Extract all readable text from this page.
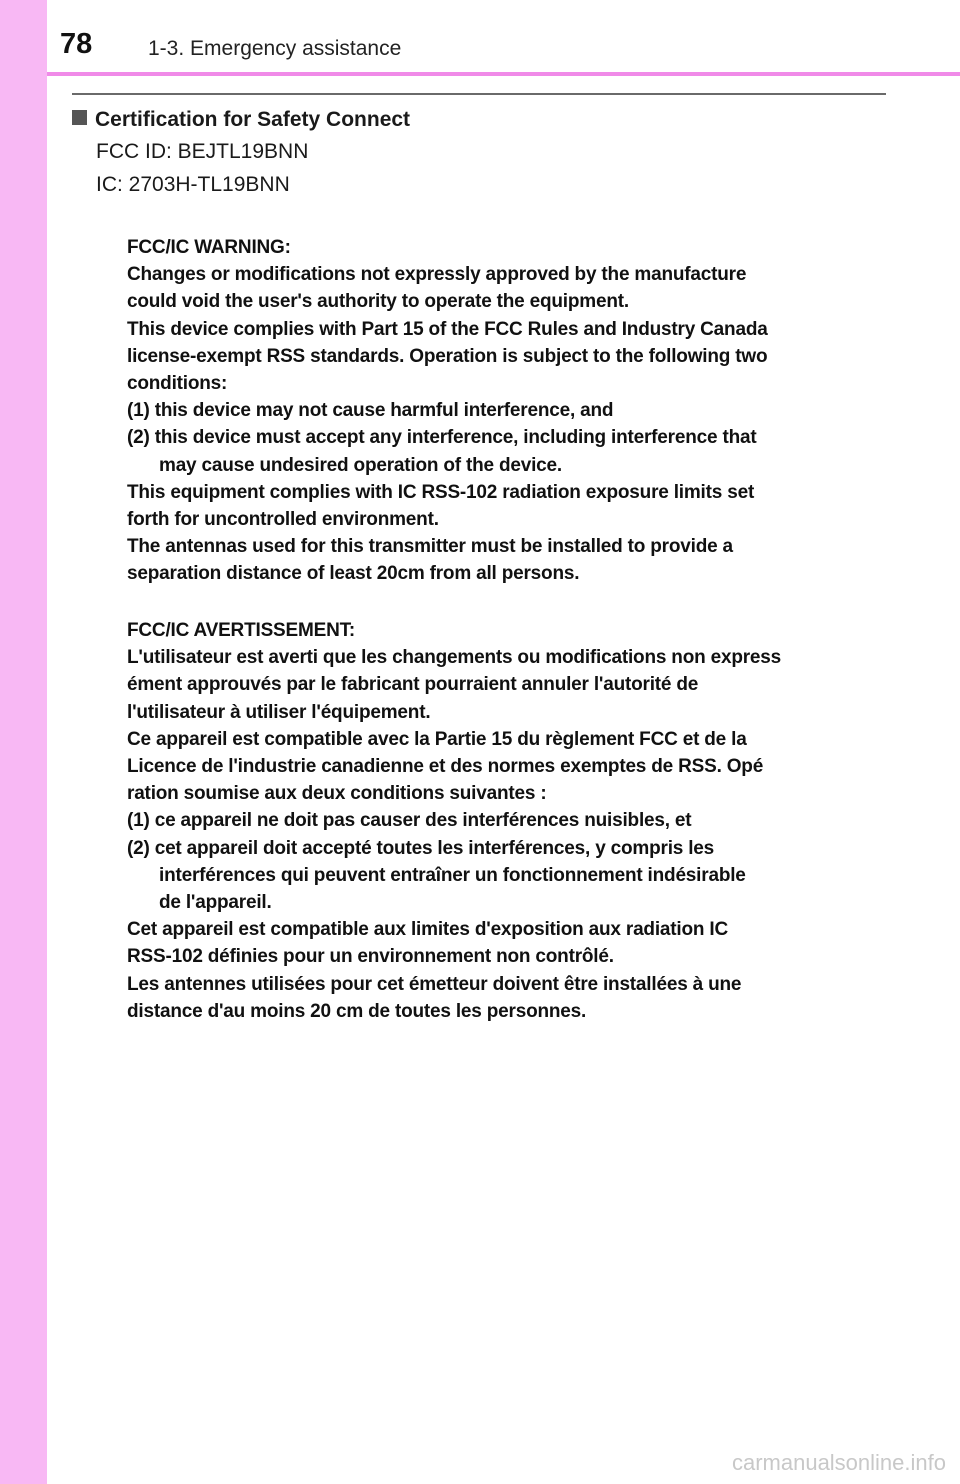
78	1-3. Emergency assistance
Certification for Safety Connect
FCC ID: BEJTL19BNN
IC: 2703H-TL19BNN
FCC/IC WARNING:
Changes or modifications not expressly approved by the manufacture
could void the user's authority to operate the equipment.
This device complies with Part 15 of the FCC Rules and Industry Canada
license-exempt RSS standards. Operation is subject to the following two
conditions:
(1) this device may not cause harmful interference, and
(2) this device must accept any interference, including interference that
may cause undesired operation of the device.
This equipment complies with IC RSS-102 radiation exposure limits set
forth for uncontrolled environment.
The antennas used for this transmitter must be installed to provide a
separation distance of least 20cm from all persons.
FCC/IC AVERTISSEMENT:
L'utilisateur est averti que les changements ou modifications non express
ément approuvés par le fabricant pourraient annuler l'autorité de
l'utilisateur à utiliser l'équipement.
Ce appareil est compatible avec la Partie 15 du règlement FCC et de la
Licence de l'industrie canadienne et des normes exemptes de RSS. Opé
ration soumise aux deux conditions suivantes :
(1) ce appareil ne doit pas causer des interférences nuisibles, et
(2) cet appareil doit accepté toutes les interférences, y compris les
interférences qui peuvent entraîner un fonctionnement indésirable
de l'appareil.
Cet appareil est compatible aux limites d'exposition aux radiation IC
RSS-102 définies pour un environnement non contrôlé.
Les antennes utilisées pour cet émetteur doivent être installées à une
distance d'au moins 20 cm de toutes les personnes.
carmanualsonline.info
